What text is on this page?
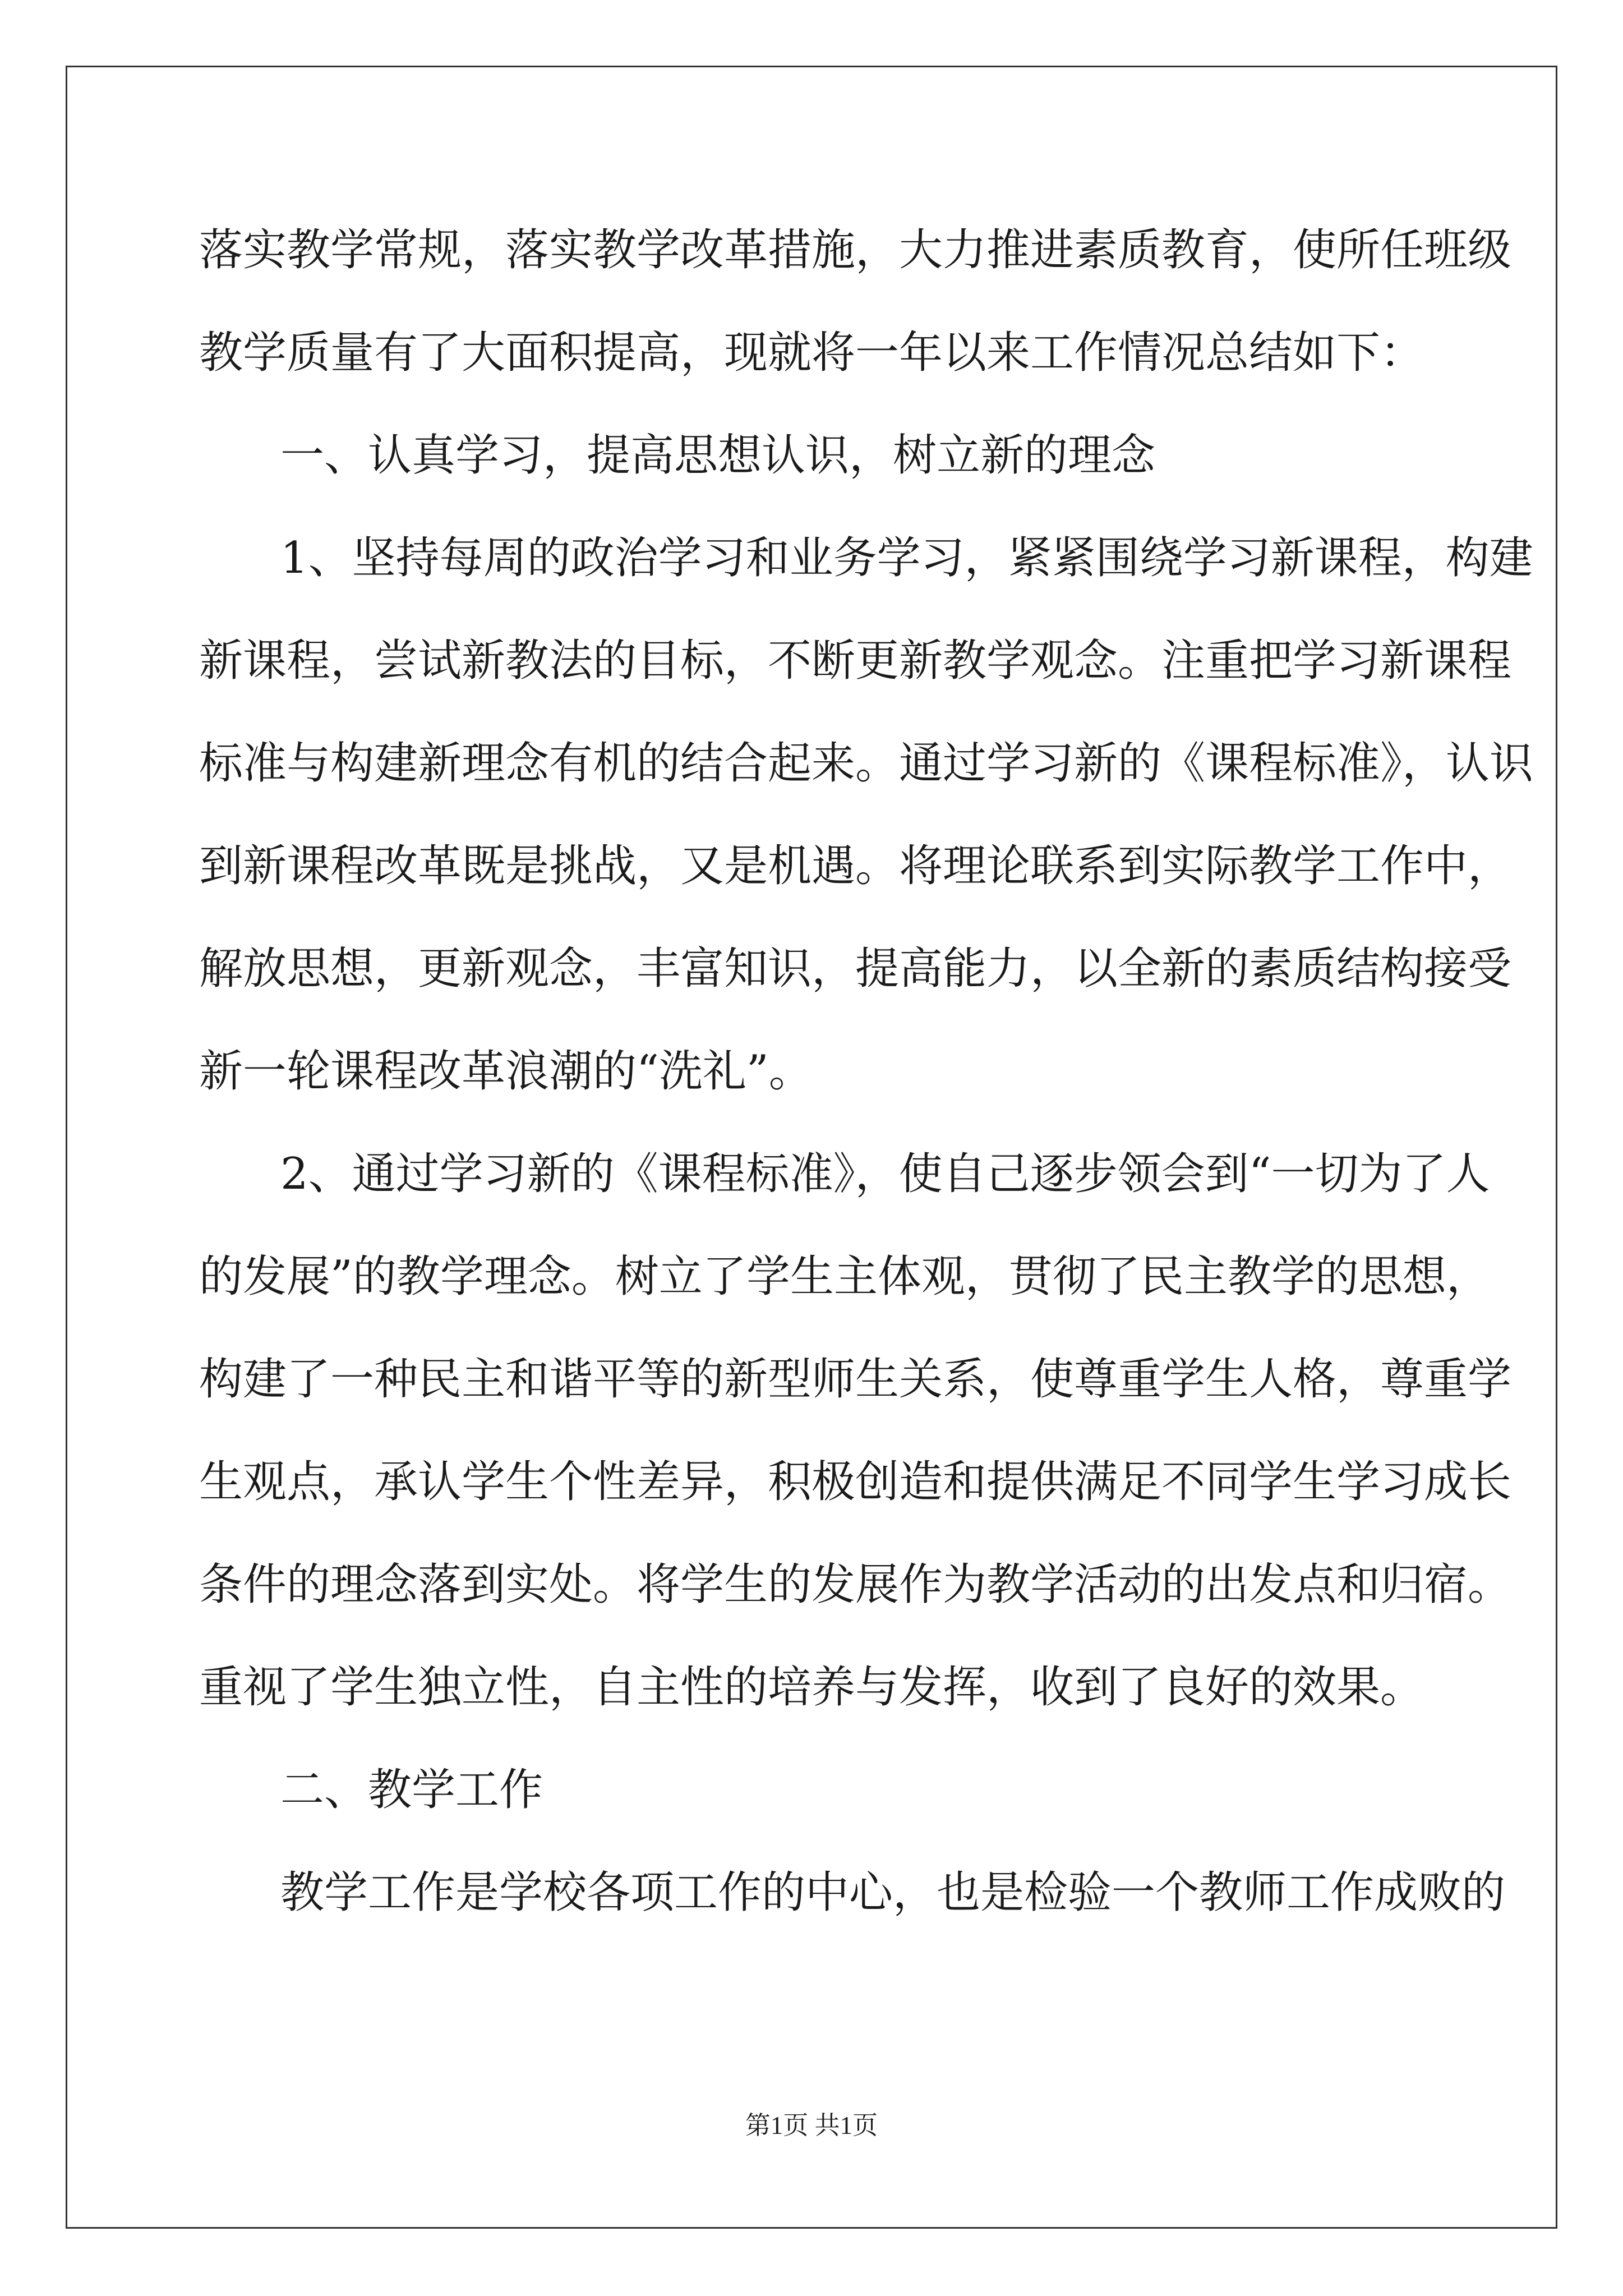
落实教学常规，落实教学改革措施，大力推进素质教育，使所任班级
教学质量有了大面积提高，现就将一年以来工作情况总结如下：
一、认真学习，提高思想认识，树立新的理念
1、坚持每周的政治学习和业务学习，紧紧围绕学习新课程，构建
新课程，尝试新教法的目标，不断更新教学观念。注重把学习新课程
标准与构建新理念有机的结合起来。通过学习新的《课程标准》，认识
到新课程改革既是挑战，又是机遇。将理论联系到实际教学工作中，
解放思想，更新观念，丰富知识，提高能力，以全新的素质结构接受
新一轮课程改革浪潮的“洗礼”。
2、通过学习新的《课程标准》，使自己逐步领会到“一切为了人
的发展”的教学理念。树立了学生主体观，贯彻了民主教学的思想，
构建了一种民主和谐平等的新型师生关系，使尊重学生人格，尊重学
生观点，承认学生个性差异，积极创造和提供满足不同学生学习成长
条件的理念落到实处。将学生的发展作为教学活动的出发点和归宿。
重视了学生独立性，自主性的培养与发挥，收到了良好的效果。
二、教学工作
教学工作是学校各项工作的中心，也是检验一个教师工作成败的
第1页 共1页
